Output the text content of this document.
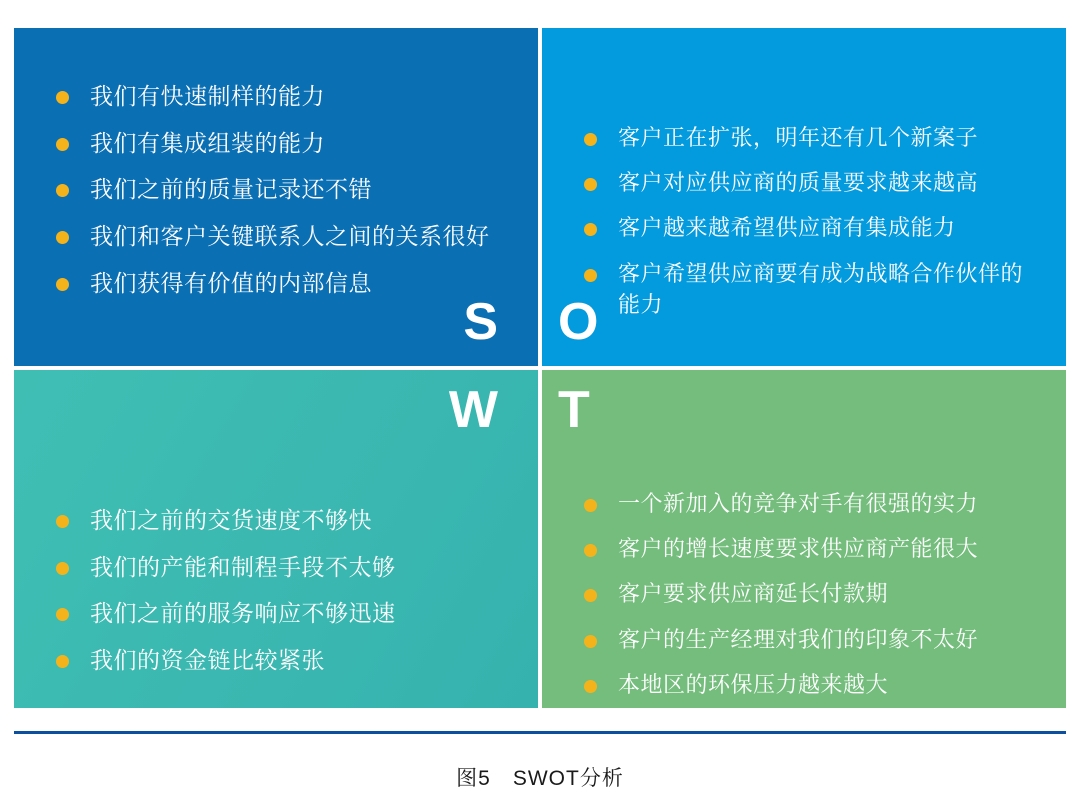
我们有快速制样的能力
我们有集成组装的能力
我们之前的质量记录还不错
我们和客户关键联系人之间的关系很好
我们获得有价值的内部信息
S
客户正在扩张，明年还有几个新案子
客户对应供应商的质量要求越来越高
客户越来越希望供应商有集成能力
客户希望供应商要有成为战略合作伙伴的能力
O
W
我们之前的交货速度不够快
我们的产能和制程手段不太够
我们之前的服务响应不够迅速
我们的资金链比较紧张
T
一个新加入的竞争对手有很强的实力
客户的增长速度要求供应商产能很大
客户要求供应商延长付款期
客户的生产经理对我们的印象不太好
本地区的环保压力越来越大
图5　SWOT分析
